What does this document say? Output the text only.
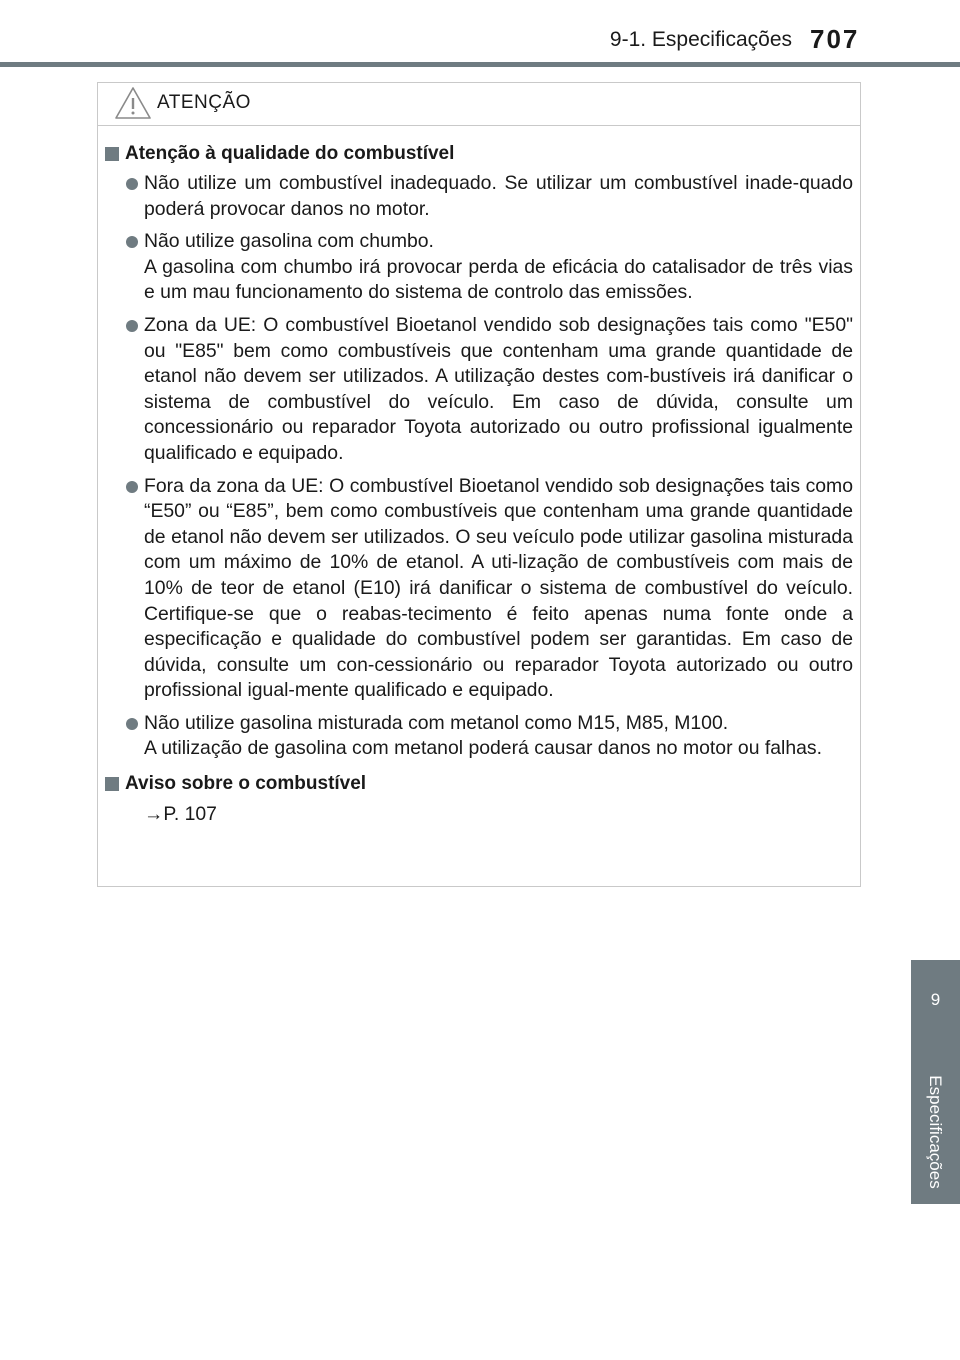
9-1. Especificações 707
ATENÇÃO
Atenção à qualidade do combustível

Não utilize um combustível inadequado. Se utilizar um combustível inade-quado poderá provocar danos no motor.

Não utilize gasolina com chumbo.

A gasolina com chumbo irá provocar perda de eficácia do catalisador de três vias e um mau funcionamento do sistema de controlo das emissões.

Zona da UE: O combustível Bioetanol vendido sob designações tais como "E50" ou "E85" bem como combustíveis que contenham uma grande quantidade de etanol não devem ser utilizados. A utilização destes com-bustíveis irá danificar o sistema de combustível do veículo. Em caso de dúvida, consulte um concessionário ou reparador Toyota autorizado ou outro profissional igualmente qualificado e equipado.

Fora da zona da UE: O combustível Bioetanol vendido sob designações tais como “E50” ou “E85”, bem como combustíveis que contenham uma grande quantidade de etanol não devem ser utilizados. O seu veículo pode utilizar gasolina misturada com um máximo de 10% de etanol. A uti-lização de combustíveis com mais de 10% de teor de etanol (E10) irá danificar o sistema de combustível do veículo. Certifique-se que o reabas-tecimento é feito apenas numa fonte onde a especificação e qualidade do combustível podem ser garantidas. Em caso de dúvida, consulte um con-cessionário ou reparador Toyota autorizado ou outro profissional igual-mente qualificado e equipado.

Não utilize gasolina misturada com metanol como M15, M85, M100.

A utilização de gasolina com metanol poderá causar danos no motor ou falhas.

Aviso sobre o combustível
→P. 107
9
Especificações
